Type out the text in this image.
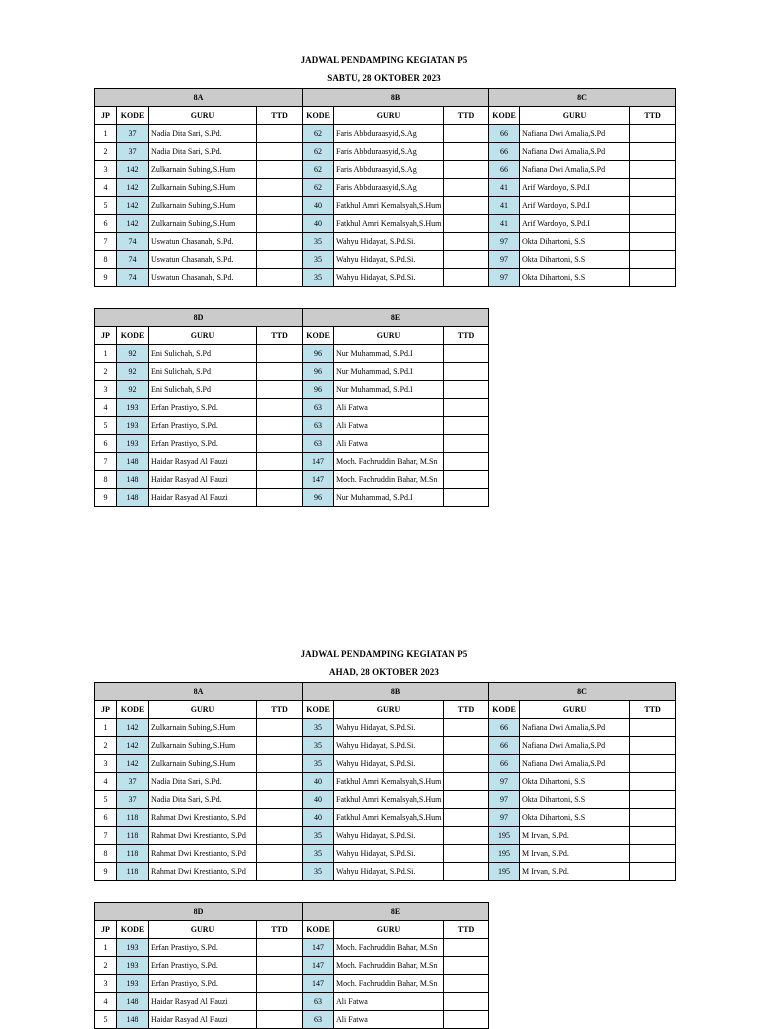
JADWAL PENDAMPING KEGIATAN P5
SABTU, 28 OKTOBER 2023
8A				8B			8C		
JP	KODE	GURU	TTD	KODE	GURU	TTD	KODE	GURU	TTD
1	37	Nadia Dita Sari, S.Pd.		62	Faris Abbduraasyid,S.Ag		66	Nafiana Dwi Amalia,S.Pd	
2	37	Nadia Dita Sari, S.Pd.		62	Faris Abbduraasyid,S.Ag		66	Nafiana Dwi Amalia,S.Pd	
3	142	Zulkarnain Subing,S.Hum		62	Faris Abbduraasyid,S.Ag		66	Nafiana Dwi Amalia,S.Pd	
4	142	Zulkarnain Subing,S.Hum		62	Faris Abbduraasyid,S.Ag		41	Arif Wardoyo, S.Pd.I	
5	142	Zulkarnain Subing,S.Hum		40	Fatkhul Amri Kemalsyah,S.Hum		41	Arif Wardoyo, S.Pd.I	
6	142	Zulkarnain Subing,S.Hum		40	Fatkhul Amri Kemalsyah,S.Hum		41	Arif Wardoyo, S.Pd.I	
7	74	Uswatun Chasanah, S.Pd.		35	Wahyu Hidayat, S.Pd.Si.		97	Okta Dihartoni, S.S	
8	74	Uswatun Chasanah, S.Pd.		35	Wahyu Hidayat, S.Pd.Si.		97	Okta Dihartoni, S.S	
9	74	Uswatun Chasanah, S.Pd.		35	Wahyu Hidayat, S.Pd.Si.		97	Okta Dihartoni, S.S	
8D				8E		
JP	KODE	GURU	TTD	KODE	GURU	TTD
1	92	Eni Sulichah, S.Pd		96	Nur Muhammad, S.Pd.I	
2	92	Eni Sulichah, S.Pd		96	Nur Muhammad, S.Pd.I	
3	92	Eni Sulichah, S.Pd		96	Nur Muhammad, S.Pd.I	
4	193	Erfan Prastiyo, S.Pd.		63	Ali Fatwa	
5	193	Erfan Prastiyo, S.Pd.		63	Ali Fatwa	
6	193	Erfan Prastiyo, S.Pd.		63	Ali Fatwa	
7	148	Haidar Rasyad Al Fauzi		147	Moch. Fachruddin Bahar, M.Sn	
8	148	Haidar Rasyad Al Fauzi		147	Moch. Fachruddin Bahar, M.Sn	
9	148	Haidar Rasyad Al Fauzi		96	Nur Muhammad, S.Pd.I	
JADWAL PENDAMPING KEGIATAN P5
AHAD, 28 OKTOBER 2023
8A				8B			8C		
JP	KODE	GURU	TTD	KODE	GURU	TTD	KODE	GURU	TTD
1	142	Zulkarnain Subing,S.Hum		35	Wahyu Hidayat, S.Pd.Si.		66	Nafiana Dwi Amalia,S.Pd	
2	142	Zulkarnain Subing,S.Hum		35	Wahyu Hidayat, S.Pd.Si.		66	Nafiana Dwi Amalia,S.Pd	
3	142	Zulkarnain Subing,S.Hum		35	Wahyu Hidayat, S.Pd.Si.		66	Nafiana Dwi Amalia,S.Pd	
4	37	Nadia Dita Sari, S.Pd.		40	Fatkhul Amri Kemalsyah,S.Hum		97	Okta Dihartoni, S.S	
5	37	Nadia Dita Sari, S.Pd.		40	Fatkhul Amri Kemalsyah,S.Hum		97	Okta Dihartoni, S.S	
6	118	Rahmat Dwi Krestianto, S.Pd		40	Fatkhul Amri Kemalsyah,S.Hum		97	Okta Dihartoni, S.S	
7	118	Rahmat Dwi Krestianto, S.Pd		35	Wahyu Hidayat, S.Pd.Si.		195	M Irvan, S.Pd.	
8	118	Rahmat Dwi Krestianto, S.Pd		35	Wahyu Hidayat, S.Pd.Si.		195	M Irvan, S.Pd.	
9	118	Rahmat Dwi Krestianto, S.Pd		35	Wahyu Hidayat, S.Pd.Si.		195	M Irvan, S.Pd.	
8D				8E		
JP	KODE	GURU	TTD	KODE	GURU	TTD
1	193	Erfan Prastiyo, S.Pd.		147	Moch. Fachruddin Bahar, M.Sn	
2	193	Erfan Prastiyo, S.Pd.		147	Moch. Fachruddin Bahar, M.Sn	
3	193	Erfan Prastiyo, S.Pd.		147	Moch. Fachruddin Bahar, M.Sn	
4	148	Haidar Rasyad Al Fauzi		63	Ali Fatwa	
5	148	Haidar Rasyad Al Fauzi		63	Ali Fatwa	
